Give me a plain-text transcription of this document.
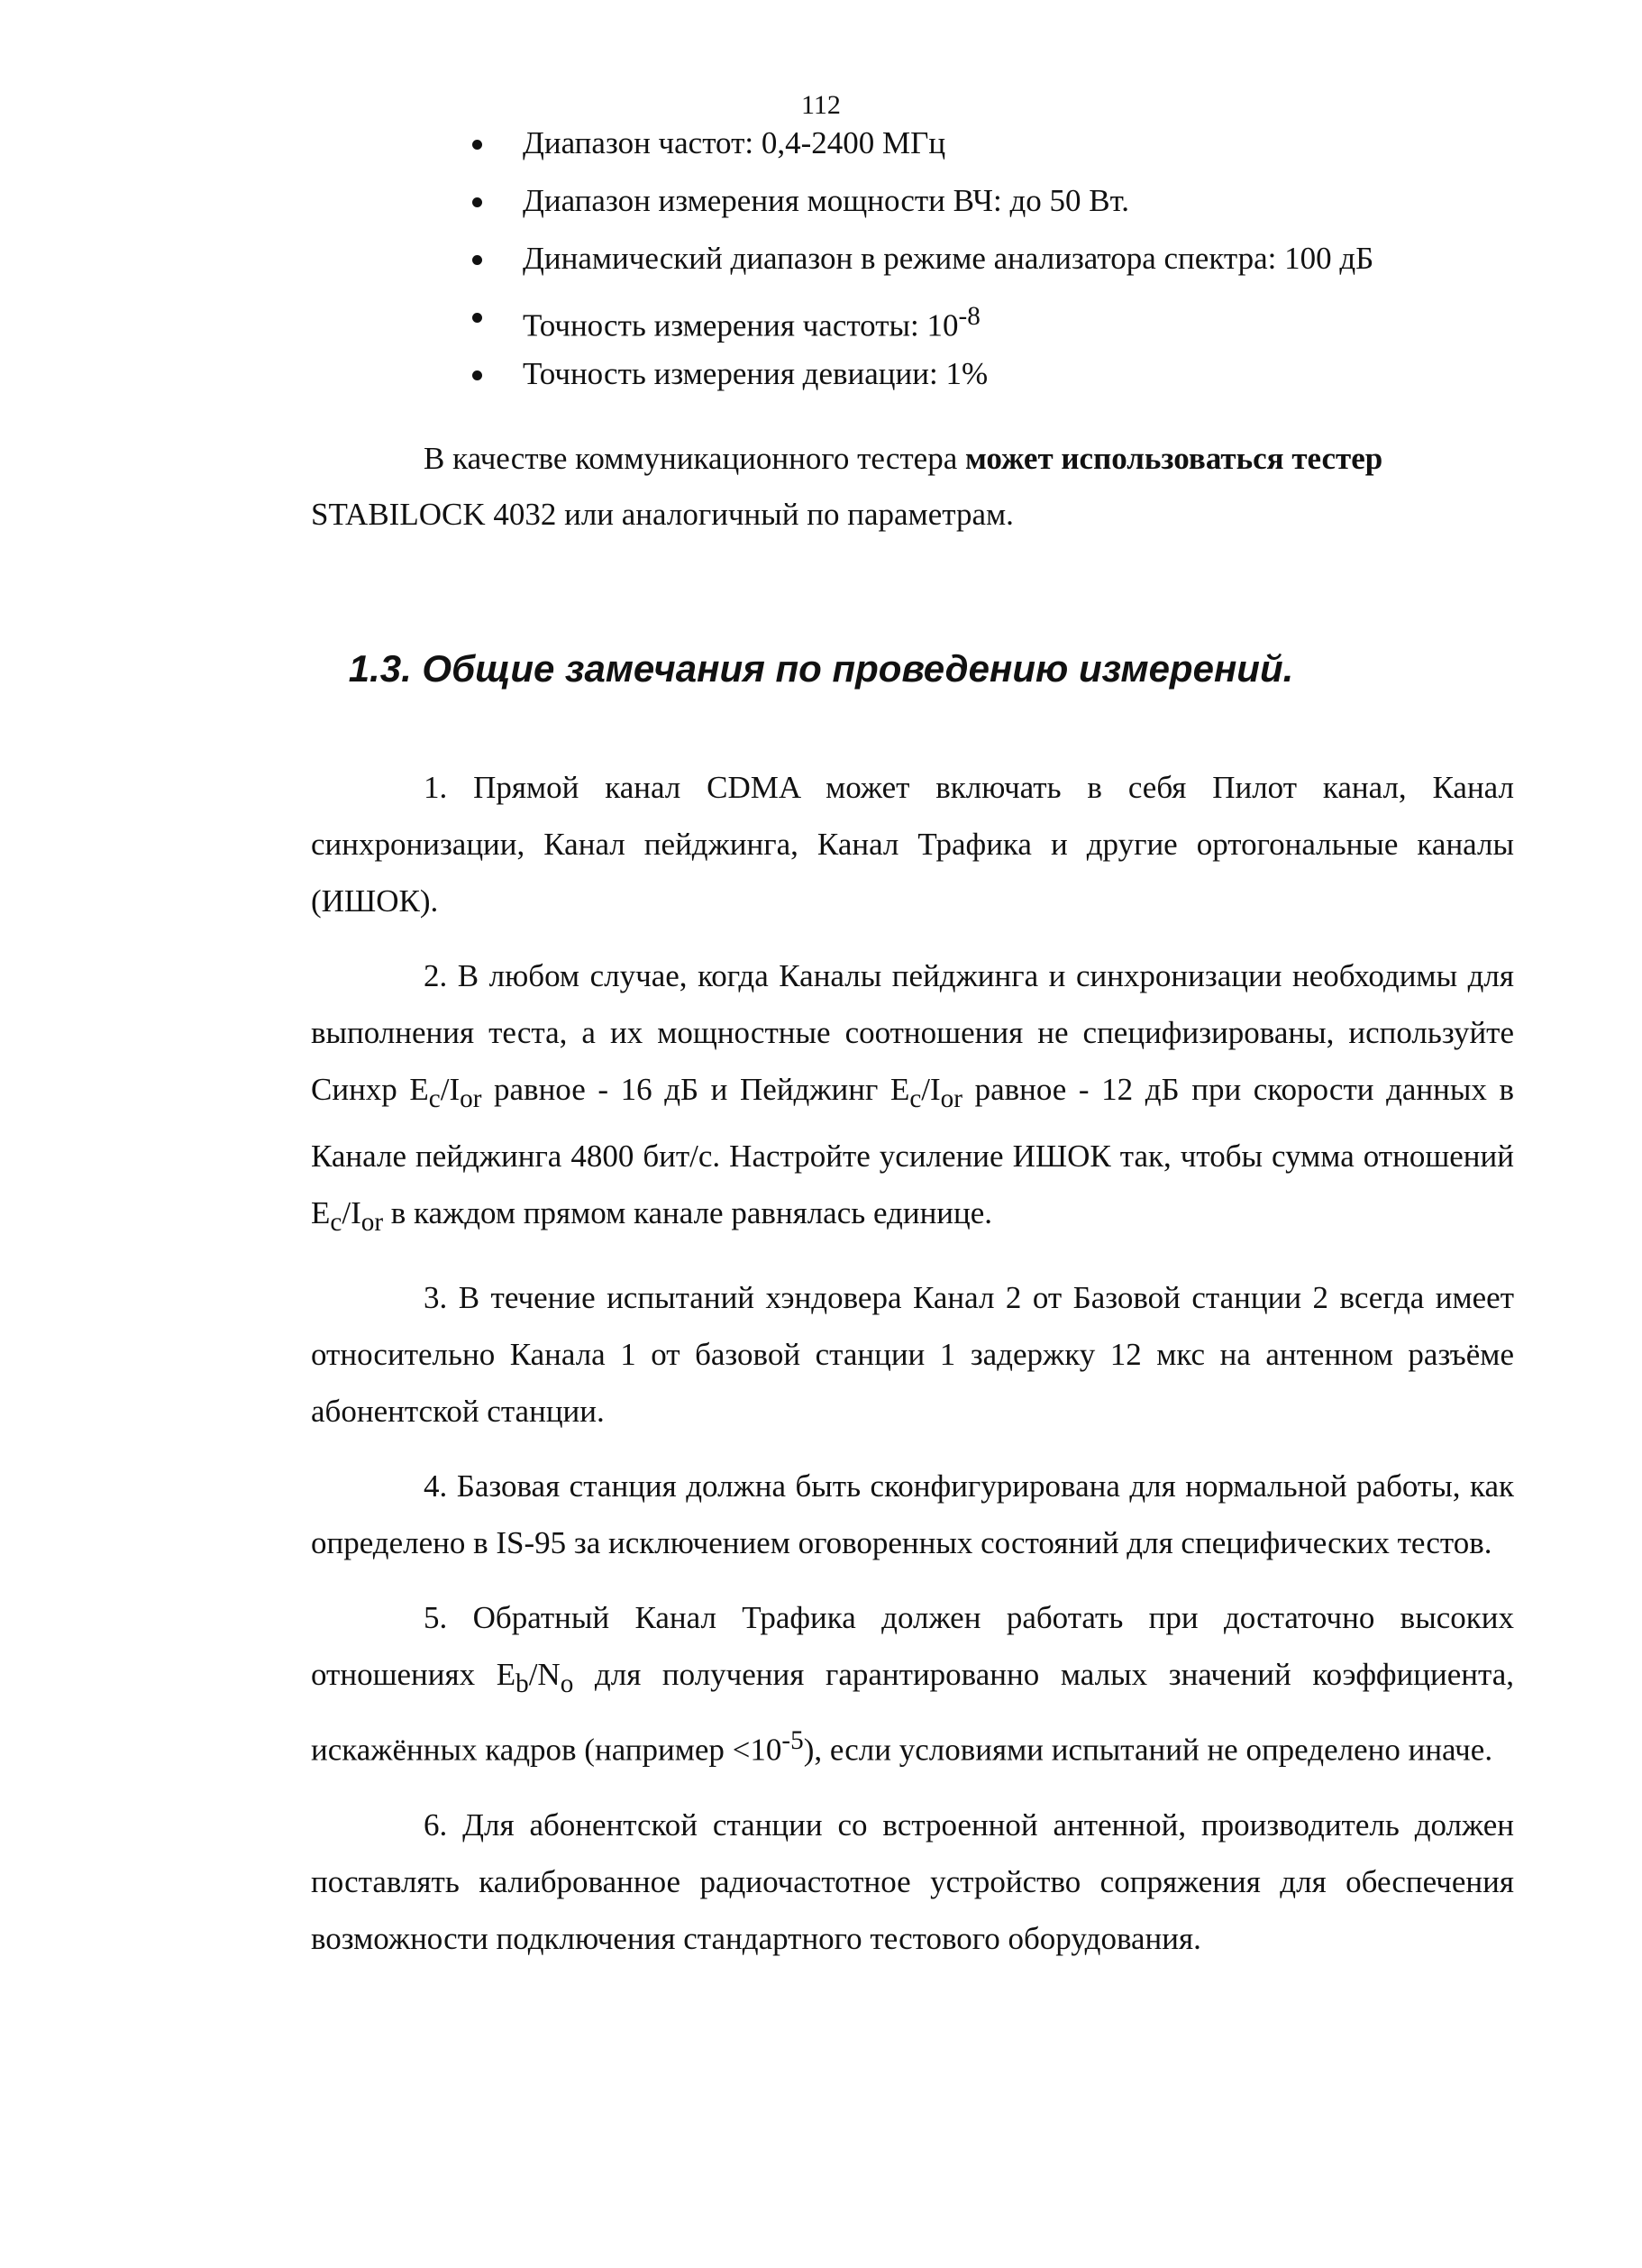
112
Диапазон частот: 0,4-2400 МГц
Диапазон измерения мощности ВЧ: до 50 Вт.
Динамический диапазон в режиме анализатора спектра: 100 дБ
Точность измерения частоты: $10^{-8}$
Точность измерения девиации: 1%

В качестве коммуникационного тестера может использоваться тестер
STABILOCK 4032 или аналогичный по параметрам.

1.3. Общие замечания по проведению измерений.

1. Прямой канал CDMA может включать в себя Пилот канал, Канал синхронизации, Канал пейджинга, Канал Трафика и другие ортогональные каналы (ИШОК).

2. В любом случае, когда Каналы пейджинга и синхронизации необходимы для выполнения теста, а их мощностные соотношения не специфизированы, используйте Синхр $E_c/I_{or}$ равное - 16 дБ и Пейджинг $E_c/I_{or}$ равное - 12 дБ при скорости данных в Канале пейджинга 4800 бит/с. Настройте усиление ИШОК так, чтобы сумма отношений $E_c/I_{or}$ в каждом прямом канале равнялась единице.

3. В течение испытаний хэндовера Канал 2 от Базовой станции 2 всегда имеет относительно Канала 1 от базовой станции 1 задержку 12 мкс на антенном разъёме абонентской станции.

4. Базовая станция должна быть сконфигурирована для нормальной работы, как определено в IS-95 за исключением оговоренных состояний для специфических тестов.

5. Обратный Канал Трафика должен работать при достаточно высоких отношениях $E_b/N_o$ для получения гарантированно малых значений коэффициента, искажённых кадров (например $<10^{-5}$), если условиями испытаний не определено иначе.

6. Для абонентской станции со встроенной антенной, производитель должен поставлять калиброванное радиочастотное устройство сопряжения для обеспечения возможности подключения стандартного тестового оборудования.
